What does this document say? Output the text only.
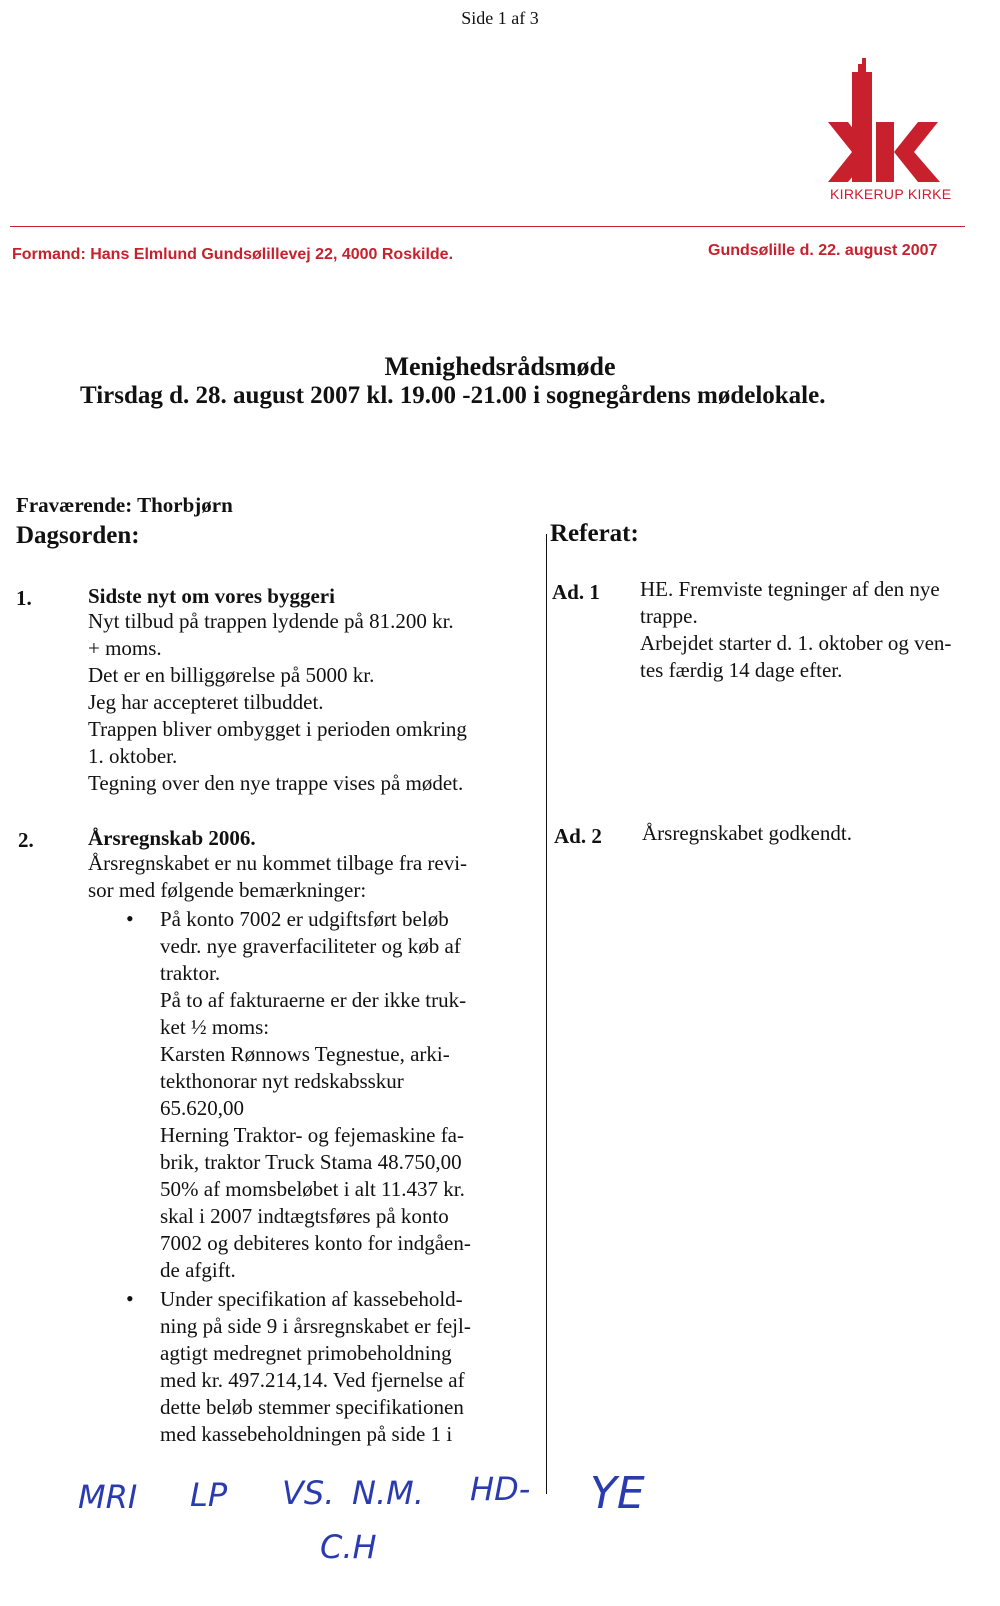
Side 1 af 3
KIRKERUP KIRKE
Formand: Hans Elmlund Gundsølillevej 22, 4000 Roskilde.	Gundsølille d. 22. august 2007
Menighedsrådsmøde
Tirsdag d. 28. august 2007 kl. 19.00 -21.00 i sognegårdens mødelokale.
Fraværende: Thorbjørn
Dagsorden:	Referat:
1.	Sidste nyt om vores byggeri
Nyt tilbud på trappen lydende på 81.200 kr.
+ moms.
Det er en billiggørelse på 5000 kr.
Jeg har accepteret tilbuddet.
Trappen bliver ombygget i perioden omkring
1. oktober.
Tegning over den nye trappe vises på mødet.
Ad. 1 HE. Fremviste tegninger af den nye
trappe.
Arbejdet starter d. 1. oktober og ven-
tes færdig 14 dage efter.
2.	Årsregnskab 2006.
Årsregnskabet er nu kommet tilbage fra revi-
sor med følgende bemærkninger:
• På konto 7002 er udgiftsført beløb
vedr. nye graverfaciliteter og køb af
traktor.
På to af fakturaerne er der ikke truk-
ket ½ moms:
Karsten Rønnows Tegnestue, arki-
tekthonorar nyt redskabsskur
65.620,00
Herning Traktor- og fejemaskine fa-
brik, traktor Truck Stama 48.750,00
50% af momsbeløbet i alt 11.437 kr.
skal i 2007 indtægtsføres på konto
7002 og debiteres konto for indgåen-
de afgift.
• Under specifikation af kassebehold-
ning på side 9 i årsregnskabet er fejl-
agtigt medregnet primobeholdning
med kr. 497.214,14. Ved fjernelse af
dette beløb stemmer specifikationen
med kassebeholdningen på side 1 i
Ad. 2 Årsregnskabet godkendt.
MRI LP VS. N.M. HD- YE
C.H
